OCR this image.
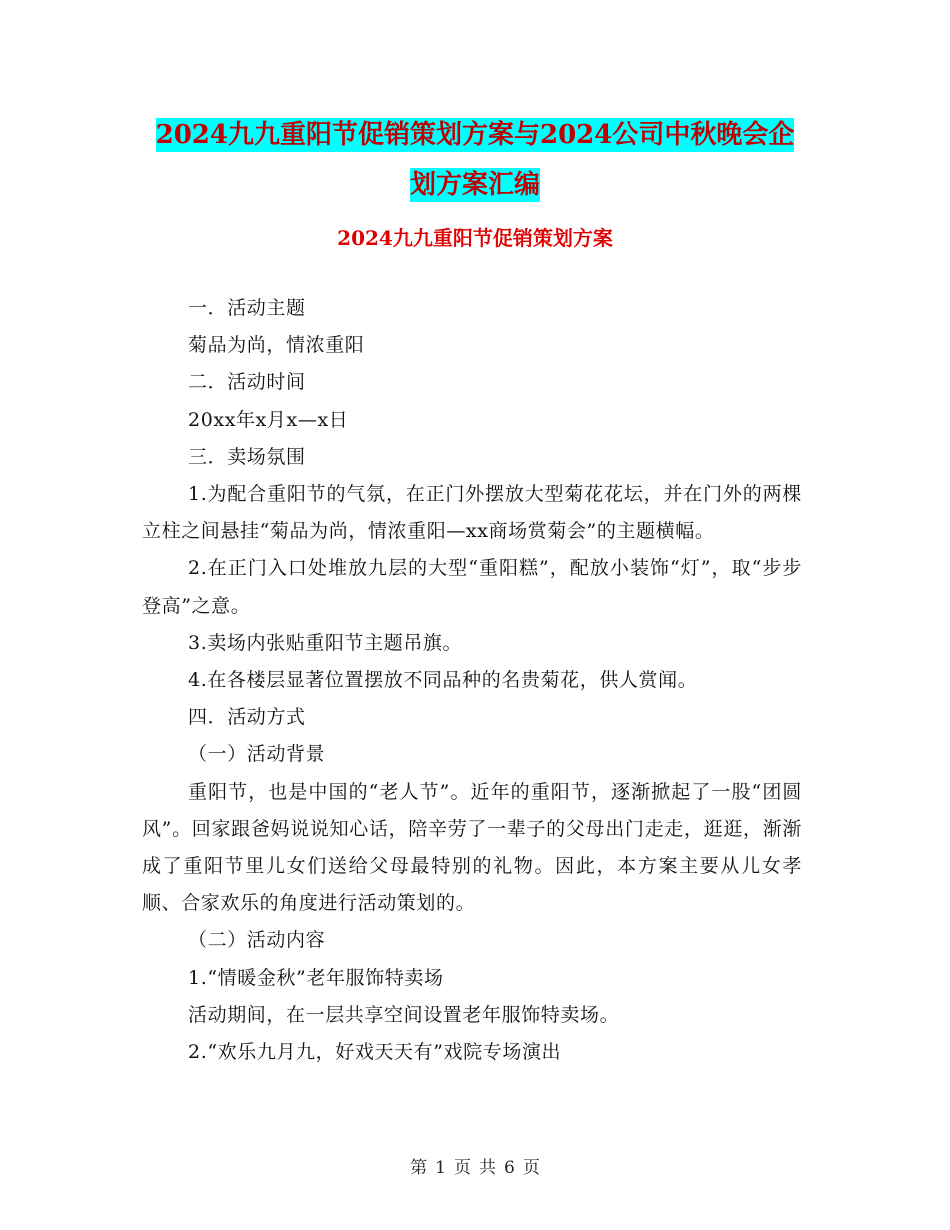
2024九九重阳节促销策划方案与2024公司中秋晚会企
划方案汇编
2024九九重阳节促销策划方案

一．活动主题

菊品为尚，情浓重阳

二．活动时间

20xx年x月x—x日

三．卖场氛围

1.为配合重阳节的气氛，在正门外摆放大型菊花花坛，并在门外的两棵立柱之间悬挂“菊品为尚，情浓重阳—xx商场赏菊会”的主题横幅。

2.在正门入口处堆放九层的大型“重阳糕”，配放小装饰“灯”，取“步步登高”之意。

3.卖场内张贴重阳节主题吊旗。

4.在各楼层显著位置摆放不同品种的名贵菊花，供人赏闻。

四．活动方式

（一）活动背景

重阳节，也是中国的“老人节”。近年的重阳节，逐渐掀起了一股“团圆风”。回家跟爸妈说说知心话，陪辛劳了一辈子的父母出门走走，逛逛，渐渐成了重阳节里儿女们送给父母最特别的礼物。因此，本方案主要从儿女孝顺、合家欢乐的角度进行活动策划的。

（二）活动内容

1.“情暖金秋”老年服饰特卖场

活动期间，在一层共享空间设置老年服饰特卖场。

2.“欢乐九月九，好戏天天有”戏院专场演出

第 1 页 共 6 页
